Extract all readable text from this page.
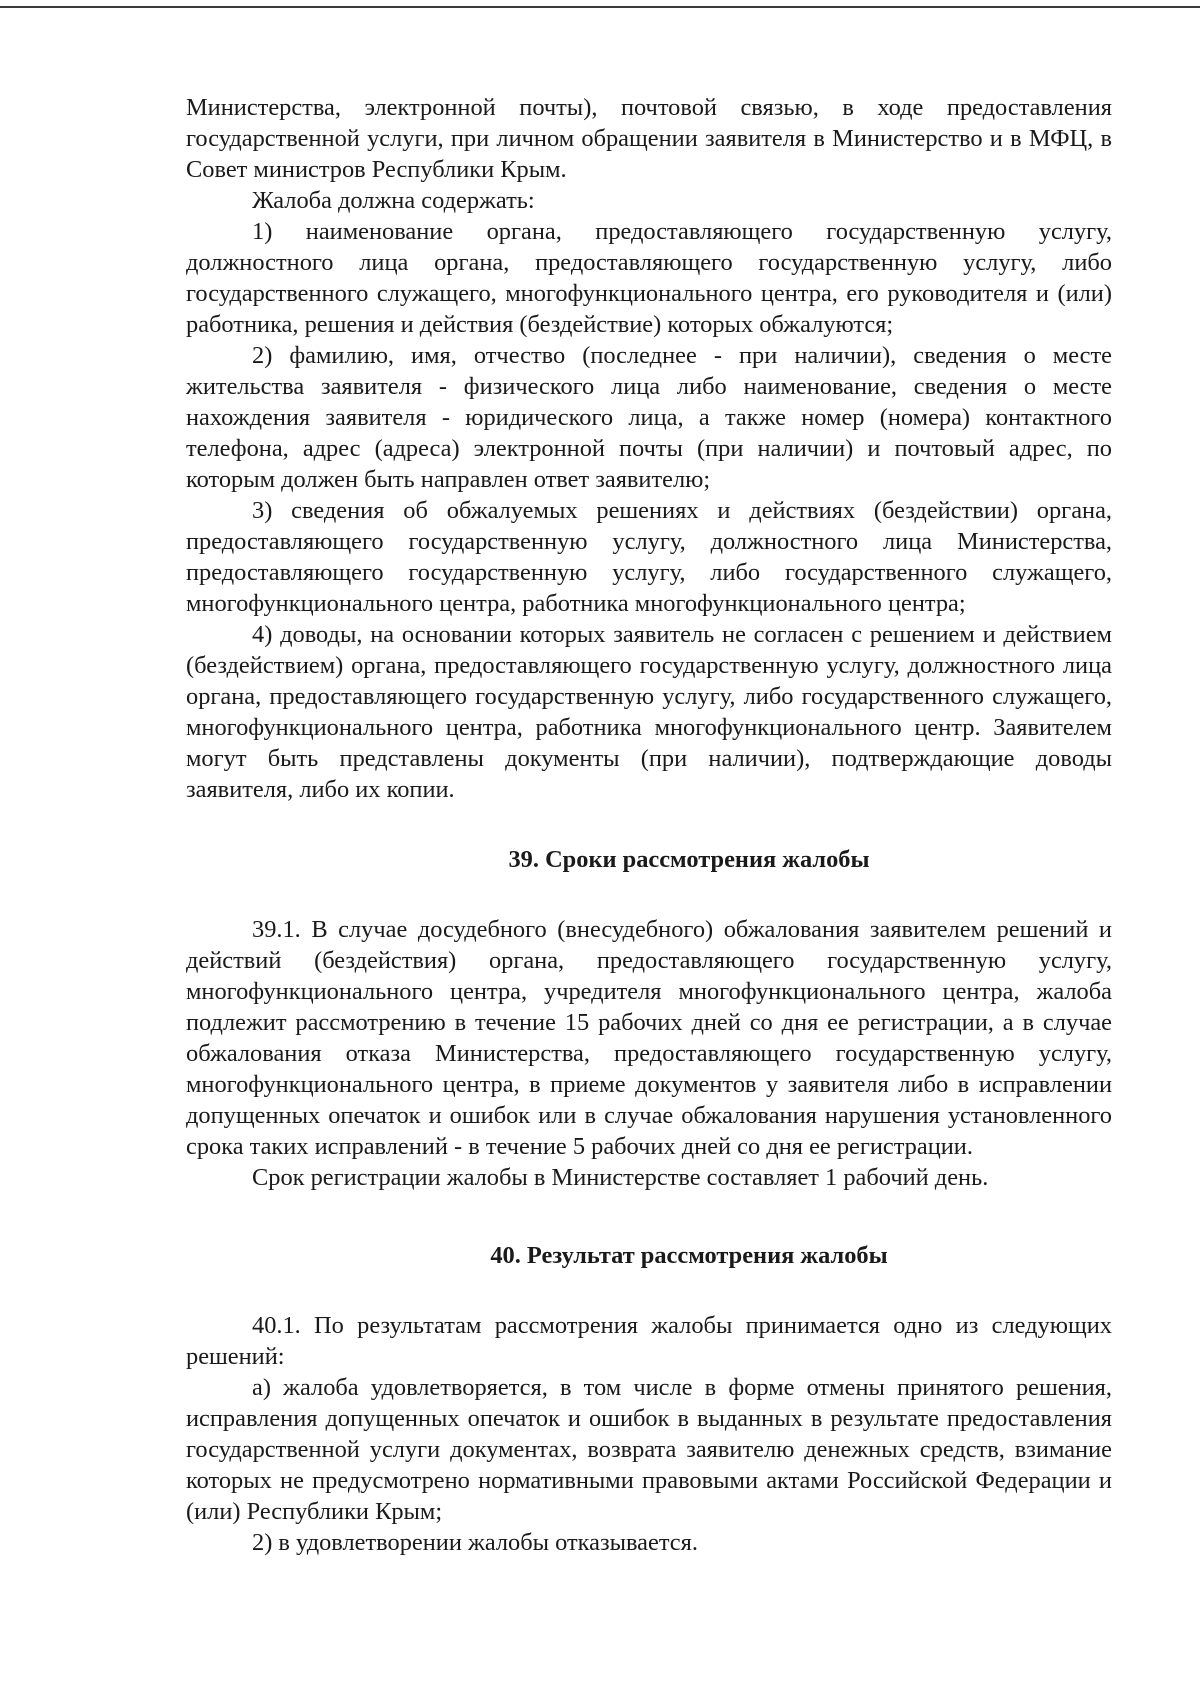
Министерства, электронной почты), почтовой связью, в ходе предоставления государственной услуги, при личном обращении заявителя в Министерство и в МФЦ, в Совет министров Республики Крым.

Жалоба должна содержать:

1) наименование органа, предоставляющего государственную услугу, должностного лица органа, предоставляющего государственную услугу, либо государственного служащего, многофункционального центра, его руководителя и (или) работника, решения и действия (бездействие) которых обжалуются;

2) фамилию, имя, отчество (последнее - при наличии), сведения о месте жительства заявителя - физического лица либо наименование, сведения о месте нахождения заявителя - юридического лица, а также номер (номера) контактного телефона, адрес (адреса) электронной почты (при наличии) и почтовый адрес, по которым должен быть направлен ответ заявителю;

3) сведения об обжалуемых решениях и действиях (бездействии) органа, предоставляющего государственную услугу, должностного лица Министерства, предоставляющего государственную услугу, либо государственного служащего, многофункционального центра, работника многофункционального центра;

4) доводы, на основании которых заявитель не согласен с решением и действием (бездействием) органа, предоставляющего государственную услугу, должностного лица органа, предоставляющего государственную услугу, либо государственного служащего, многофункционального центра, работника многофункционального центр. Заявителем могут быть представлены документы (при наличии), подтверждающие доводы заявителя, либо их копии.

39. Сроки рассмотрения жалобы

39.1. В случае досудебного (внесудебного) обжалования заявителем решений и действий (бездействия) органа, предоставляющего государственную услугу, многофункционального центра, учредителя многофункционального центра, жалоба подлежит рассмотрению в течение 15 рабочих дней со дня ее регистрации, а в случае обжалования отказа Министерства, предоставляющего государственную услугу, многофункционального центра, в приеме документов у заявителя либо в исправлении допущенных опечаток и ошибок или в случае обжалования нарушения установленного срока таких исправлений - в течение 5 рабочих дней со дня ее регистрации.

Срок регистрации жалобы в Министерстве составляет 1 рабочий день.

40. Результат рассмотрения жалобы

40.1. По результатам рассмотрения жалобы принимается одно из следующих решений:

а) жалоба удовлетворяется, в том числе в форме отмены принятого решения, исправления допущенных опечаток и ошибок в выданных в результате предоставления государственной услуги документах, возврата заявителю денежных средств, взимание которых не предусмотрено нормативными правовыми актами Российской Федерации и (или) Республики Крым;

2) в удовлетворении жалобы отказывается.
